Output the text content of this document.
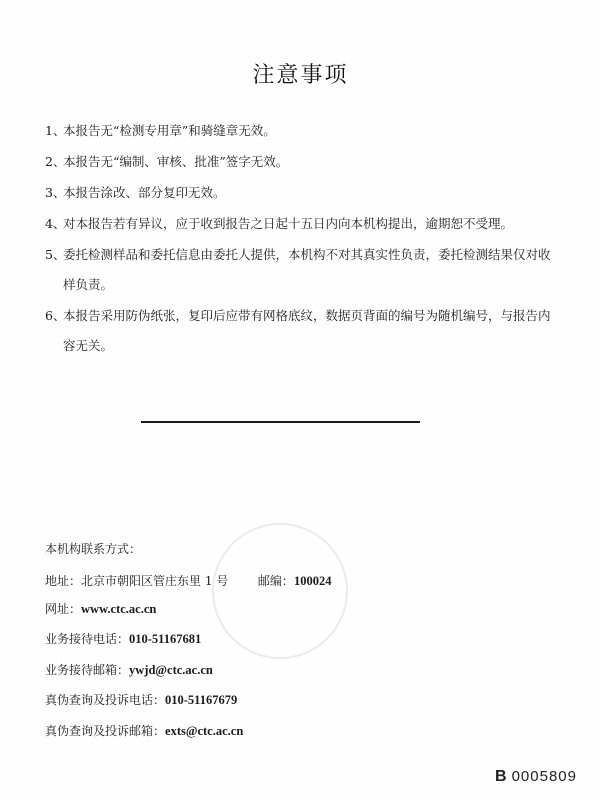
注意事项
1、本报告无“检测专用章”和骑缝章无效。
2、本报告无“编制、审核、批准”签字无效。
3、本报告涂改、部分复印无效。
4、对本报告若有异议，应于收到报告之日起十五日内向本机构提出，逾期恕不受理。
5、委托检测样品和委托信息由委托人提供，本机构不对其真实性负责，委托检测结果仅对收
样负责。
6、本报告采用防伪纸张，复印后应带有网格底纹，数据页背面的编号为随机编号，与报告内
容无关。
本机构联系方式：
地址：北京市朝阳区管庄东里 1 号 邮编：100024
网址：www.ctc.ac.cn
业务接待电话：010-51167681
业务接待邮箱：ywjd@ctc.ac.cn
真伪查询及投诉电话：010-51167679
真伪查询及投诉邮箱：exts@ctc.ac.cn
B 0005809
